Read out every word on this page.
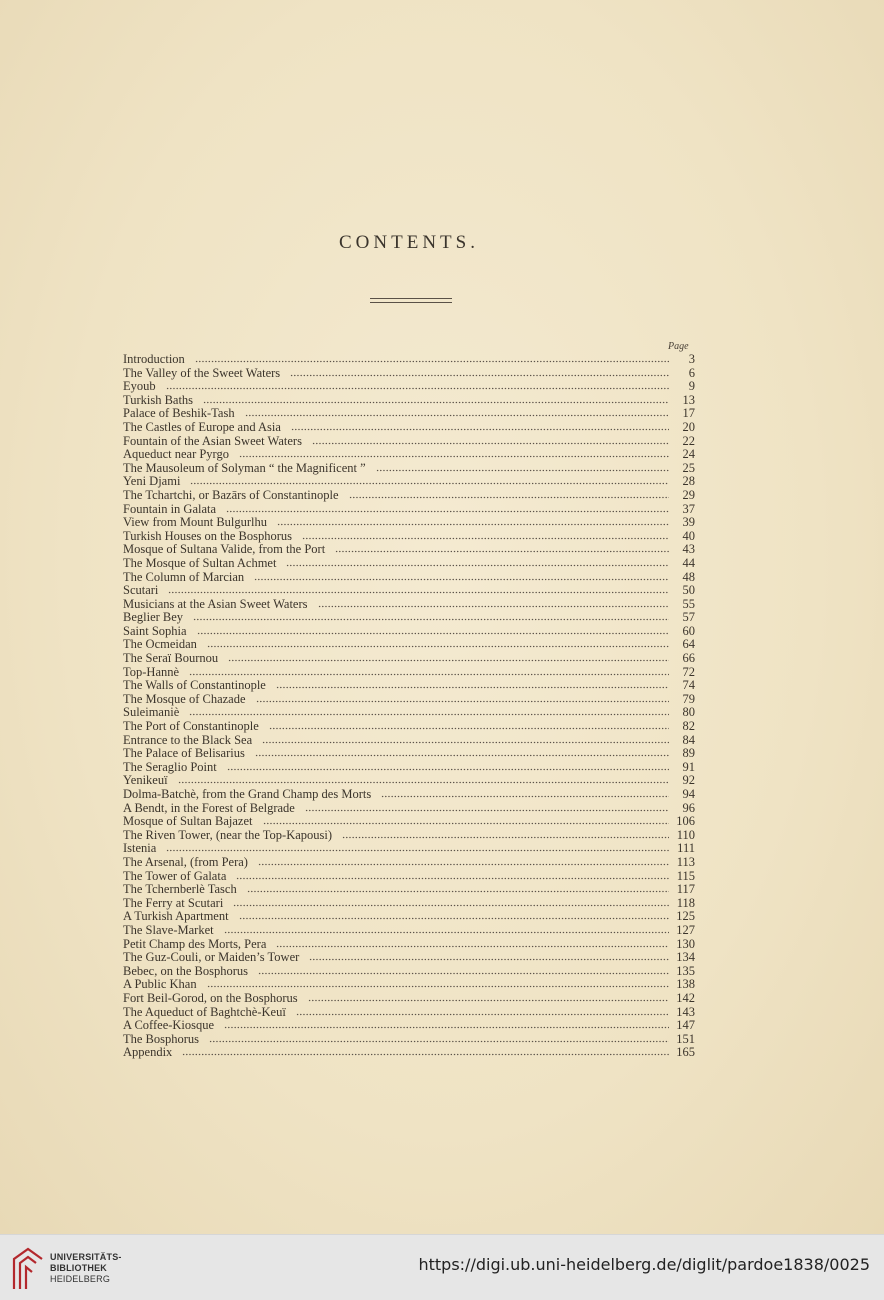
CONTENTS.
Page
Introduction	3
The Valley of the Sweet Waters	6
Eyoub	9
Turkish Baths	13
Palace of Beshik-Tash	17
The Castles of Europe and Asia	20
Fountain of the Asian Sweet Waters	22
Aqueduct near Pyrgo	24
The Mausoleum of Solyman “ the Magnificent ”	25
Yeni Djami	28
The Tchartchi, or Bazārs of Constantinople	29
Fountain in Galata	37
View from Mount Bulgurlhu	39
Turkish Houses on the Bosphorus	40
Mosque of Sultana Valide, from the Port	43
The Mosque of Sultan Achmet	44
The Column of Marcian	48
Scutari	50
Musicians at the Asian Sweet Waters	55
Beglier Bey	57
Saint Sophia	60
The Ocmeidan	64
The Seraï Bournou	66
Top-Hannè	72
The Walls of Constantinople	74
The Mosque of Chazade	79
Suleimaniè	80
The Port of Constantinople	82
Entrance to the Black Sea	84
The Palace of Belisarius	89
The Seraglio Point	91
Yenikeuï	92
Dolma-Batchè, from the Grand Champ des Morts	94
A Bendt, in the Forest of Belgrade	96
Mosque of Sultan Bajazet	106
The Riven Tower, (near the Top-Kapousi)	110
Istenia	111
The Arsenal, (from Pera)	113
The Tower of Galata	115
The Tchernberlè Tasch	117
The Ferry at Scutari	118
A Turkish Apartment	125
The Slave-Market	127
Petit Champ des Morts, Pera	130
The Guz-Couli, or Maiden’s Tower	134
Bebec, on the Bosphorus	135
A Public Khan	138
Fort Beil-Gorod, on the Bosphorus	142
The Aqueduct of Baghtchè-Keuï	143
A Coffee-Kiosque	147
The Bosphorus	151
Appendix	165
UNIVERSITÄTS-
BIBLIOTHEK
HEIDELBERG
https://digi.ub.uni-heidelberg.de/diglit/pardoe1838/0025
